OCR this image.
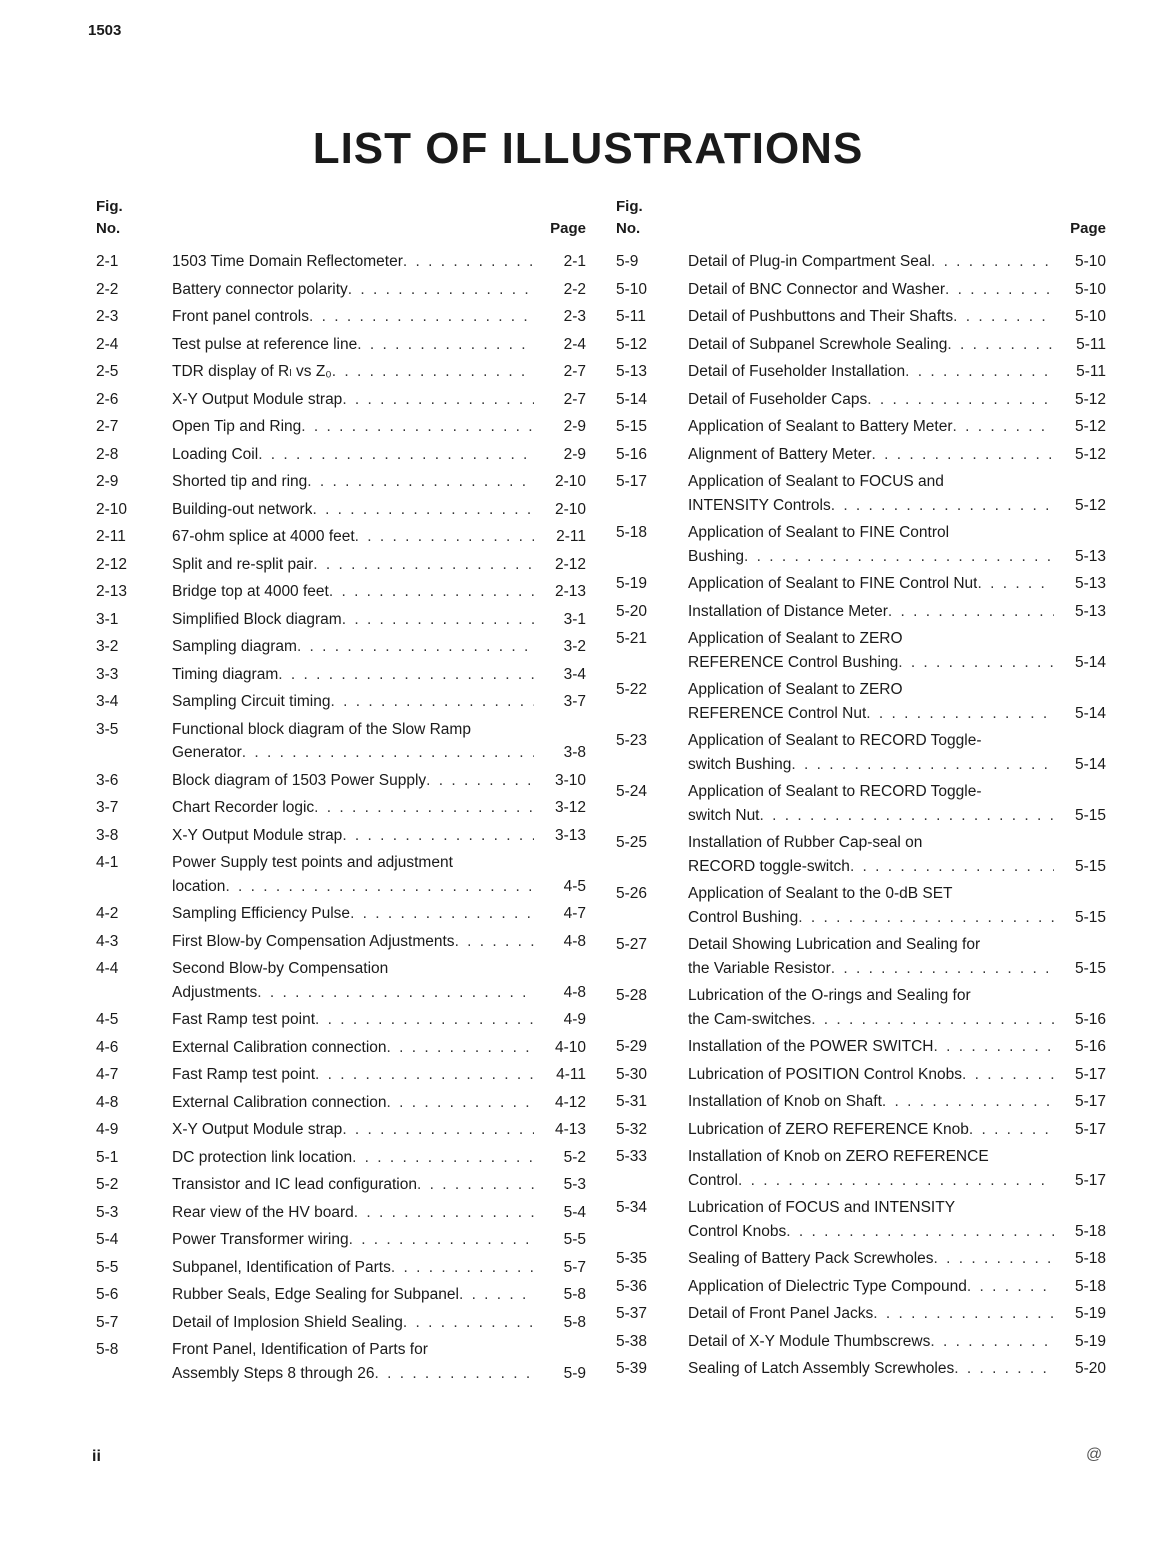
1503
LIST OF ILLUSTRATIONS
Fig.
No.	Page
2-1	1503 Time Domain Reflectometer . . .	2-1
2-2	Battery connector polarity . . .	2-2
2-3	Front panel controls . . .	2-3
2-4	Test pulse at reference line . . .	2-4
2-5	TDR display of Rₗ vs Z₀ . . .	2-7
2-6	X-Y Output Module strap . . .	2-7
2-7	Open Tip and Ring . . .	2-9
2-8	Loading Coil . . .	2-9
2-9	Shorted tip and ring . . .	2-10
2-10	Building-out network . . .	2-10
2-11	67-ohm splice at 4000 feet . . .	2-11
2-12	Split and re-split pair . . .	2-12
2-13	Bridge top at 4000 feet . . .	2-13
3-1	Simplified Block diagram . . .	3-1
3-2	Sampling diagram . . .	3-2
3-3	Timing diagram . . .	3-4
3-4	Sampling Circuit timing . . .	3-7
3-5	Functional block diagram of the Slow Ramp
Generator . . .	3-8
3-6	Block diagram of 1503 Power Supply . . .	3-10
3-7	Chart Recorder logic . . .	3-12
3-8	X-Y Output Module strap . . .	3-13
4-1	Power Supply test points and adjustment
location . . .	4-5
4-2	Sampling Efficiency Pulse . . .	4-7
4-3	First Blow-by Compensation Adjustments . . .	4-8
4-4	Second Blow-by Compensation
Adjustments . . .	4-8
4-5	Fast Ramp test point . . .	4-9
4-6	External Calibration connection . . .	4-10
4-7	Fast Ramp test point . . .	4-11
4-8	External Calibration connection . . .	4-12
4-9	X-Y Output Module strap . . .	4-13
5-1	DC protection link location . . .	5-2
5-2	Transistor and IC lead configuration . . .	5-3
5-3	Rear view of the HV board . . .	5-4
5-4	Power Transformer wiring . . .	5-5
5-5	Subpanel, Identification of Parts . . .	5-7
5-6	Rubber Seals, Edge Sealing for Subpanel . . .	5-8
5-7	Detail of Implosion Shield Sealing . . .	5-8
5-8	Front Panel, Identification of Parts for
Assembly Steps 8 through 26 . . .	5-9
Fig.
No.	Page
5-9	Detail of Plug-in Compartment Seal . . .	5-10
5-10	Detail of BNC Connector and Washer . . .	5-10
5-11	Detail of Pushbuttons and Their Shafts . . .	5-10
5-12	Detail of Subpanel Screwhole Sealing . . .	5-11
5-13	Detail of Fuseholder Installation . . .	5-11
5-14	Detail of Fuseholder Caps . . .	5-12
5-15	Application of Sealant to Battery Meter . . .	5-12
5-16	Alignment of Battery Meter . . .	5-12
5-17	Application of Sealant to FOCUS and
INTENSITY Controls . . .	5-12
5-18	Application of Sealant to FINE Control
Bushing . . .	5-13
5-19	Application of Sealant to FINE Control Nut . . .	5-13
5-20	Installation of Distance Meter . . .	5-13
5-21	Application of Sealant to ZERO
REFERENCE Control Bushing . . .	5-14
5-22	Application of Sealant to ZERO
REFERENCE Control Nut . . .	5-14
5-23	Application of Sealant to RECORD Toggle-
switch Bushing . . .	5-14
5-24	Application of Sealant to RECORD Toggle-
switch Nut . . .	5-15
5-25	Installation of Rubber Cap-seal on
RECORD toggle-switch . . .	5-15
5-26	Application of Sealant to the 0-dB SET
Control Bushing . . .	5-15
5-27	Detail Showing Lubrication and Sealing for
the Variable Resistor . . .	5-15
5-28	Lubrication of the O-rings and Sealing for
the Cam-switches . . .	5-16
5-29	Installation of the POWER SWITCH . . .	5-16
5-30	Lubrication of POSITION Control Knobs . . .	5-17
5-31	Installation of Knob on Shaft . . .	5-17
5-32	Lubrication of ZERO REFERENCE Knob . . .	5-17
5-33	Installation of Knob on ZERO REFERENCE
Control . . .	5-17
5-34	Lubrication of FOCUS and INTENSITY
Control Knobs . . .	5-18
5-35	Sealing of Battery Pack Screwholes . . .	5-18
5-36	Application of Dielectric Type Compound . . .	5-18
5-37	Detail of Front Panel Jacks . . .	5-19
5-38	Detail of X-Y Module Thumbscrews . . .	5-19
5-39	Sealing of Latch Assembly Screwholes . . .	5-20
ii	@
